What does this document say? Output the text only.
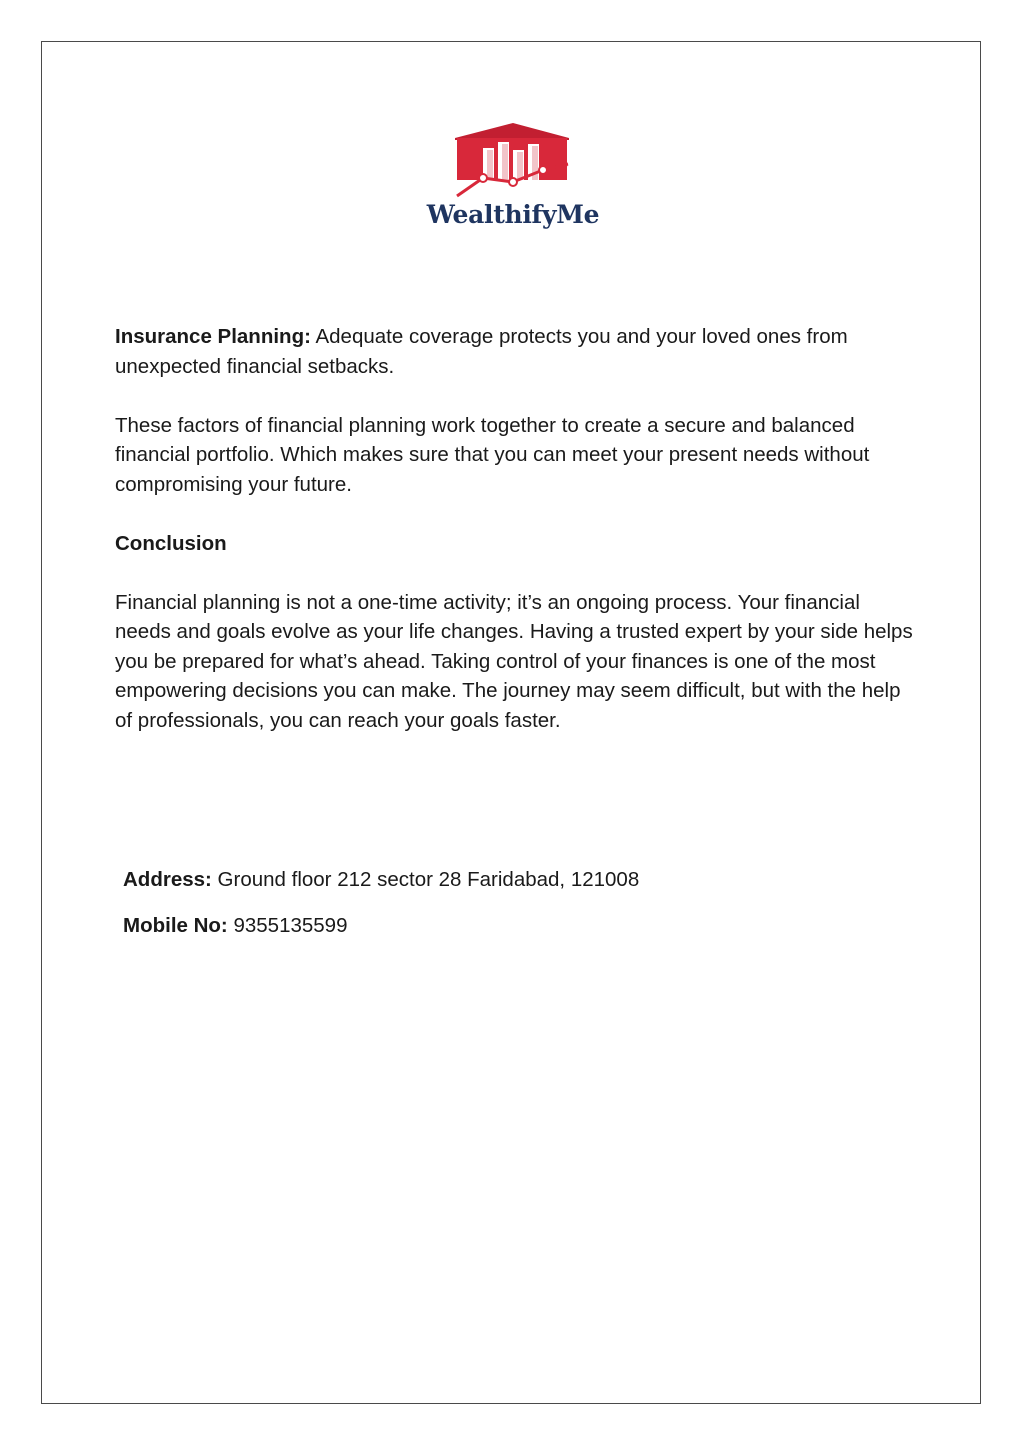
WealthifyMe

Insurance Planning: Adequate coverage protects you and your loved ones from unexpected financial setbacks.

These factors of financial planning work together to create a secure and balanced financial portfolio. Which makes sure that you can meet your present needs without compromising your future.

Conclusion

Financial planning is not a one-time activity; it’s an ongoing process. Your financial needs and goals evolve as your life changes. Having a trusted expert by your side helps you be prepared for what’s ahead. Taking control of your finances is one of the most empowering decisions you can make. The journey may seem difficult, but with the help of professionals, you can reach your goals faster.

Address: Ground floor 212 sector 28 Faridabad, 121008

Mobile No: 9355135599
